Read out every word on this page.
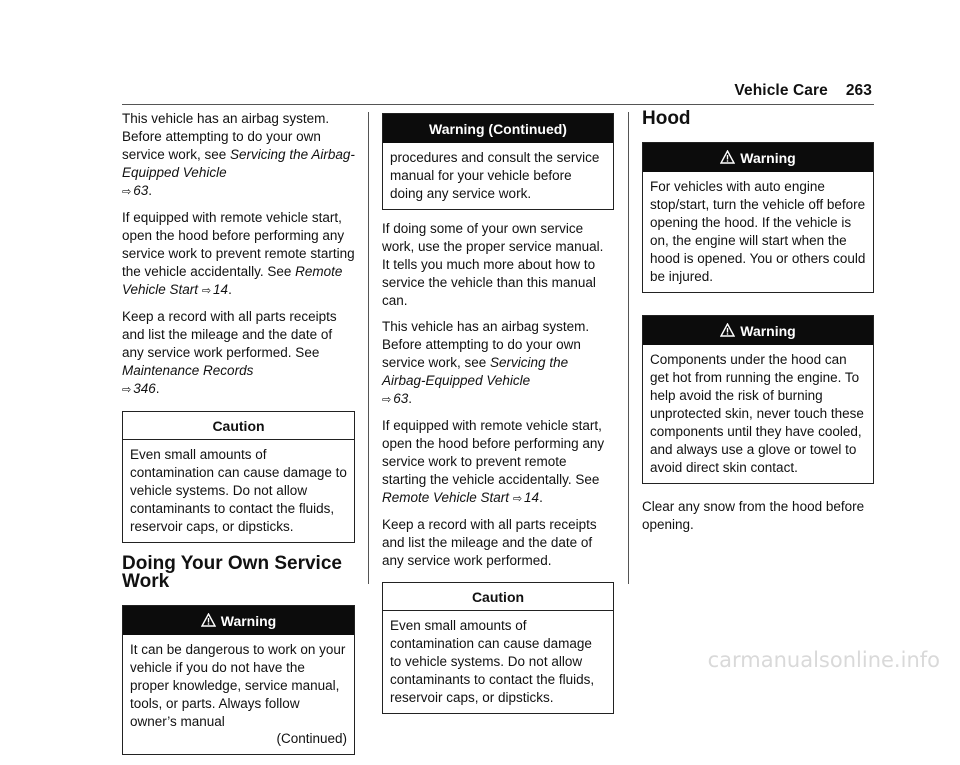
Vehicle Care 263

This vehicle has an airbag system. Before attempting to do your own service work, see Servicing the Airbag-Equipped Vehicle
⇨ 63.

If equipped with remote vehicle start, open the hood before performing any service work to prevent remote starting the vehicle accidentally. See Remote Vehicle Start ⇨ 14.

Keep a record with all parts receipts and list the mileage and the date of any service work performed. See Maintenance Records
⇨ 346.

Caution
Even small amounts of contamination can cause damage to vehicle systems. Do not allow contaminants to contact the fluids, reservoir caps, or dipsticks.
Doing Your Own Service Work
Warning
It can be dangerous to work on your vehicle if you do not have the proper knowledge, service manual, tools, or parts. Always follow owner’s manual
(Continued)
Warning (Continued)
procedures and consult the service manual for your vehicle before doing any service work.

If doing some of your own service work, use the proper service manual. It tells you much more about how to service the vehicle than this manual can.

This vehicle has an airbag system. Before attempting to do your own service work, see Servicing the Airbag-Equipped Vehicle
⇨ 63.

If equipped with remote vehicle start, open the hood before performing any service work to prevent remote starting the vehicle accidentally. See Remote Vehicle Start ⇨ 14.

Keep a record with all parts receipts and list the mileage and the date of any service work performed.

Caution
Even small amounts of contamination can cause damage to vehicle systems. Do not allow contaminants to contact the fluids, reservoir caps, or dipsticks.
Hood
Warning
For vehicles with auto engine stop/start, turn the vehicle off before opening the hood. If the vehicle is on, the engine will start when the hood is opened. You or others could be injured.
Warning
Components under the hood can get hot from running the engine. To help avoid the risk of burning unprotected skin, never touch these components until they have cooled, and always use a glove or towel to avoid direct skin contact.

Clear any snow from the hood before opening.

carmanualsonline.info
